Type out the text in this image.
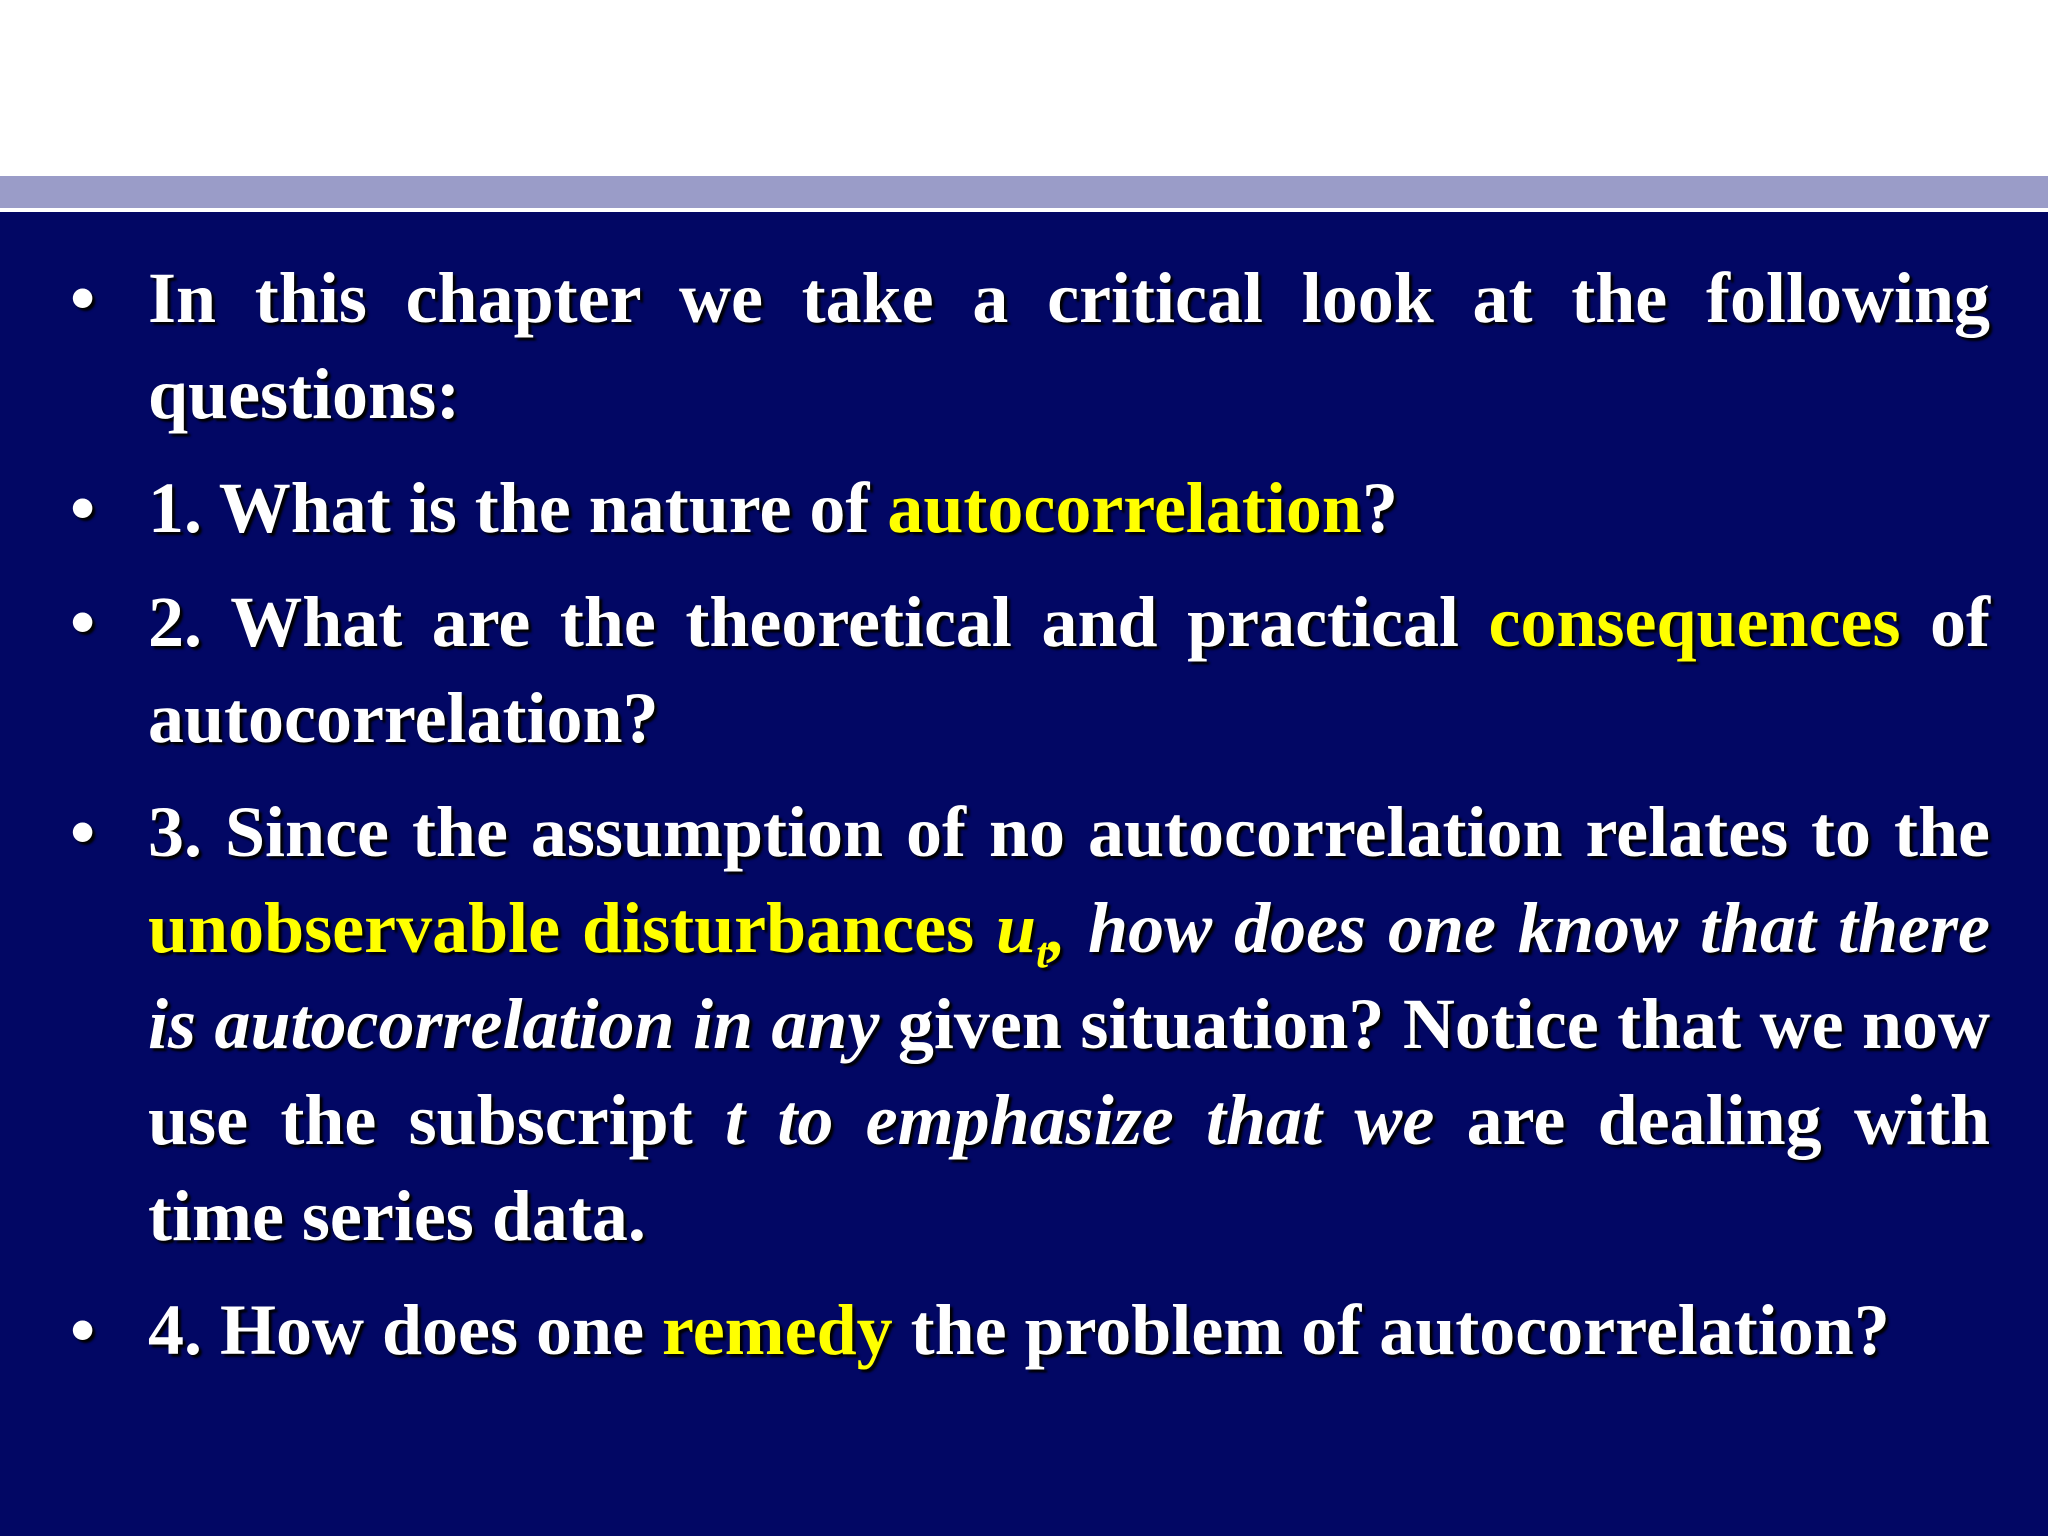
• In this chapter we take a critical look at the following questions:
• 1. What is the nature of autocorrelation?
• 2. What are the theoretical and practical consequences of autocorrelation?
• 3. Since the assumption of no autocorrelation relates to the unobservable disturbances $u_t$, how does one know that there is autocorrelation in any given situation? Notice that we now use the subscript t to emphasize that we are dealing with time series data.
• 4. How does one remedy the problem of autocorrelation?
